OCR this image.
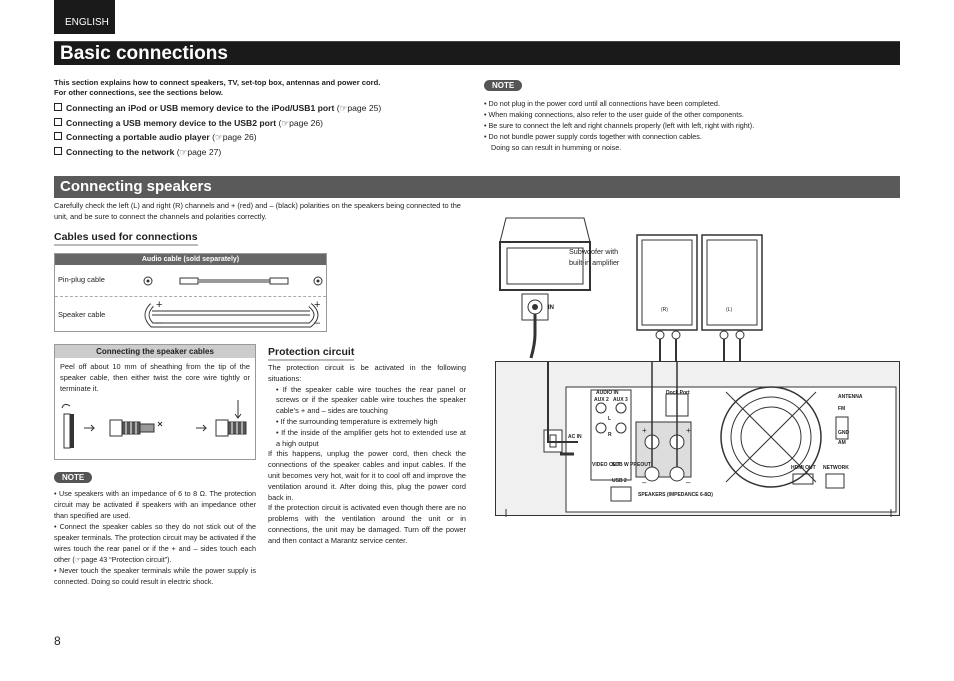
ENGLISH
Basic connections
This section explains how to connect speakers, TV, set-top box, antennas and power cord.
For other connections, see the sections below.
Connecting an iPod or USB memory device to the iPod/USB1 port (☞page 25)
Connecting a USB memory device to the USB2 port (☞page 26)
Connecting a portable audio player (☞page 26)
Connecting to the network (☞page 27)
NOTE
• Do not plug in the power cord until all connections have been completed.
• When making connections, also refer to the user guide of the other components.
• Be sure to connect the left and right channels properly (left with left, right with right).
• Do not bundle power supply cords together with connection cables.
Doing so can result in humming or noise.
Connecting speakers
Carefully check the left (L) and right (R) channels and + (red) and – (black) polarities on the speakers being connected to the unit, and be sure to connect the channels and polarities correctly.
Cables used for connections
Audio cable (sold separately)
Pin-plug cable
Speaker cable
+
–
+
–
Connecting the speaker cables
Peel off about 10 mm of sheathing from the tip of the speaker cable, then either twist the core wire tightly or terminate it.
NOTE
• Use speakers with an impedance of 6 to 8 Ω. The protection circuit may be activated if speakers with an impedance other than specified are used.
• Connect the speaker cables so they do not stick out of the speaker terminals. The protection circuit may be activated if the wires touch the rear panel or if the + and – sides touch each other (☞page 43 “Protection circuit”).
• Never touch the speaker terminals while the power supply is connected. Doing so could result in electric shock.
Protection circuit
The protection circuit is be activated in the following situations:
• If the speaker cable wire touches the rear panel or screws or if the speaker cable wire touches the speaker cable’s + and – sides are touching
• If the surrounding temperature is extremely high
• If the inside of the amplifier gets hot to extended use at a high output
If this happens, unplug the power cord, then check the connections of the speaker cables and input cables. If the unit becomes very hot, wait for it to cool off and improve the ventilation around it. After doing this, plug the power cord back in.
If the protection circuit is activated even though there are no problems with the ventilation around the unit or in connections, the unit may be damaged. Turn off the power and then contact a Marantz service center.
Subwoofer with built-in amplifier
IN	(R)	(L)
AUDIO IN
AUX 2 AUX 3
L
R
AC IN
VIDEO OUT
SUB W PREOUT
USB 2
SPEAKERS (IMPEDANCE 6-8Ω)
Dock Port
ANTENNA
FM
GND
AM
HDMI OUT NETWORK
+	+
–	–
8
